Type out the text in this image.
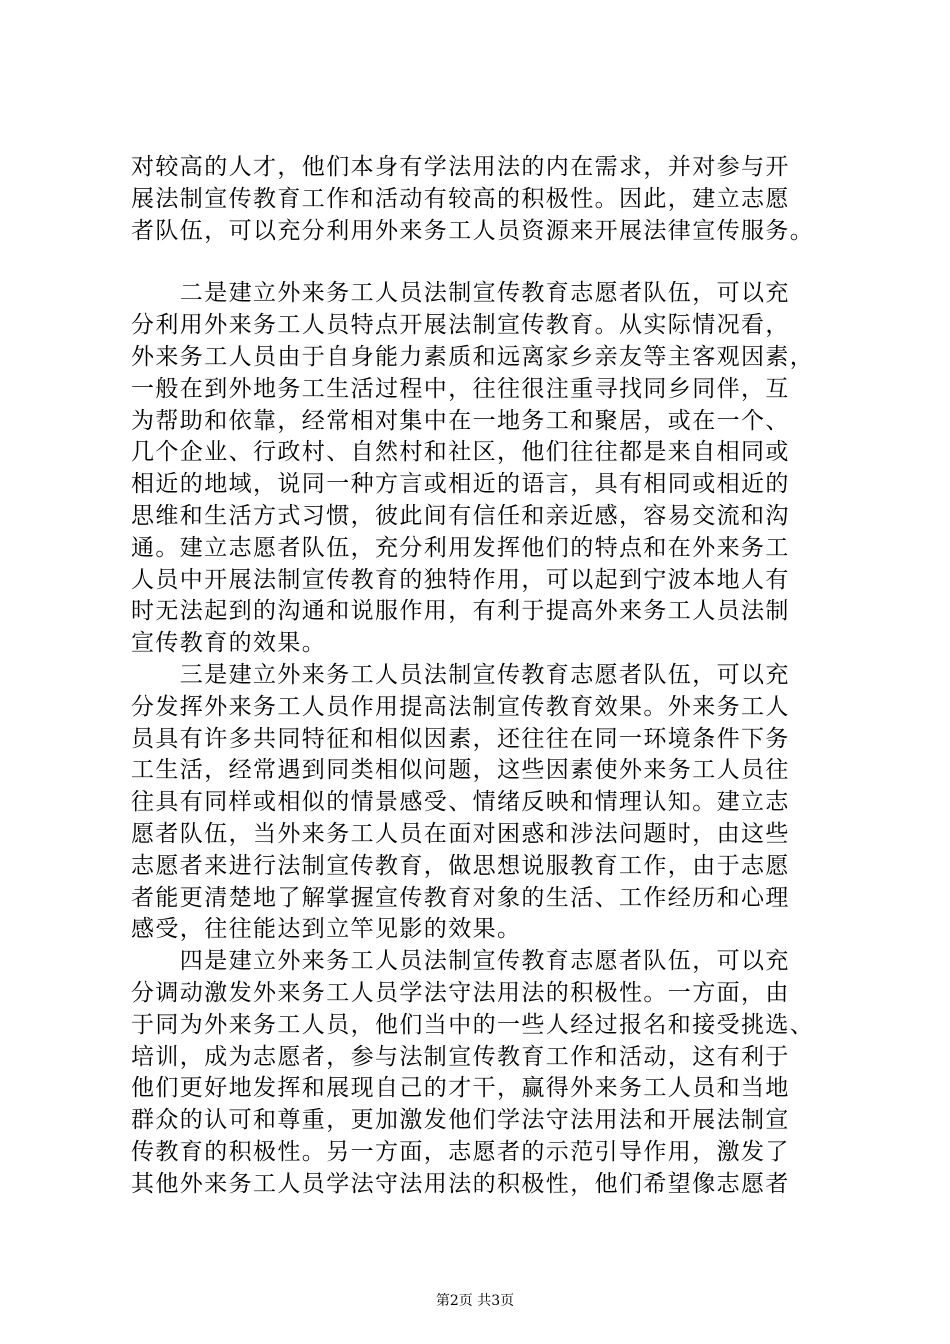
对较高的人才，他们本身有学法用法的内在需求，并对参与开
展法制宣传教育工作和活动有较高的积极性。因此，建立志愿
者队伍，可以充分利用外来务工人员资源来开展法律宣传服务。
　　二是建立外来务工人员法制宣传教育志愿者队伍，可以充
分利用外来务工人员特点开展法制宣传教育。从实际情况看，
外来务工人员由于自身能力素质和远离家乡亲友等主客观因素，
一般在到外地务工生活过程中，往往很注重寻找同乡同伴，互
为帮助和依靠，经常相对集中在一地务工和聚居，或在一个、
几个企业、行政村、自然村和社区，他们往往都是来自相同或
相近的地域，说同一种方言或相近的语言，具有相同或相近的
思维和生活方式习惯，彼此间有信任和亲近感，容易交流和沟
通。建立志愿者队伍，充分利用发挥他们的特点和在外来务工
人员中开展法制宣传教育的独特作用，可以起到宁波本地人有
时无法起到的沟通和说服作用，有利于提高外来务工人员法制
宣传教育的效果。
　　三是建立外来务工人员法制宣传教育志愿者队伍，可以充
分发挥外来务工人员作用提高法制宣传教育效果。外来务工人
员具有许多共同特征和相似因素，还往往在同一环境条件下务
工生活，经常遇到同类相似问题，这些因素使外来务工人员往
往具有同样或相似的情景感受、情绪反映和情理认知。建立志
愿者队伍，当外来务工人员在面对困惑和涉法问题时，由这些
志愿者来进行法制宣传教育，做思想说服教育工作，由于志愿
者能更清楚地了解掌握宣传教育对象的生活、工作经历和心理
感受，往往能达到立竿见影的效果。
　　四是建立外来务工人员法制宣传教育志愿者队伍，可以充
分调动激发外来务工人员学法守法用法的积极性。一方面，由
于同为外来务工人员，他们当中的一些人经过报名和接受挑选、
培训，成为志愿者，参与法制宣传教育工作和活动，这有利于
他们更好地发挥和展现自己的才干，赢得外来务工人员和当地
群众的认可和尊重，更加激发他们学法守法用法和开展法制宣
传教育的积极性。另一方面，志愿者的示范引导作用，激发了
其他外来务工人员学法守法用法的积极性，他们希望像志愿者
第2页 共3页
